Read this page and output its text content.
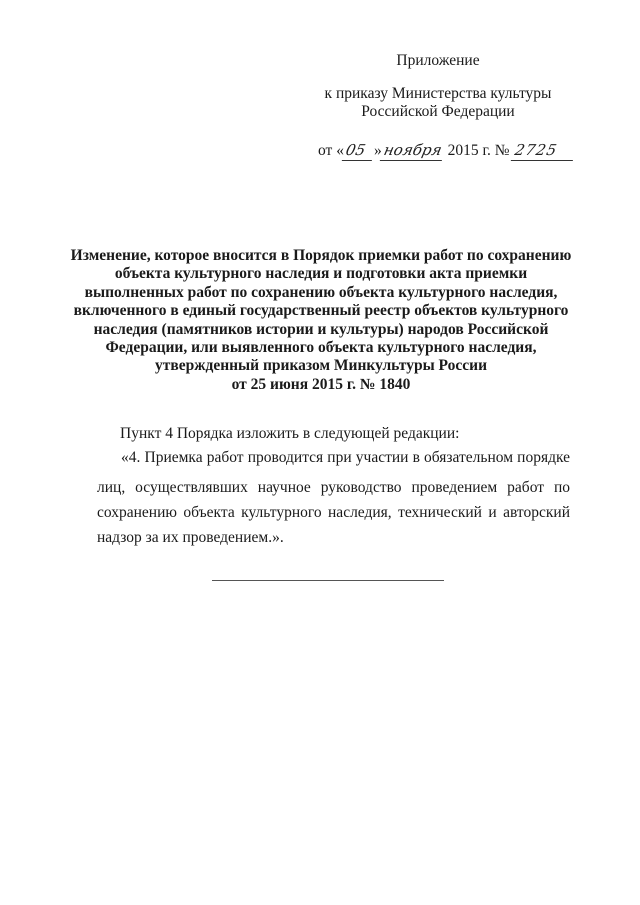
Приложение
к приказу Министерства культуры
Российской Федерации
от «05 »ноября 2015 г. № 2725
Изменение, которое вносится в Порядок приемки работ по сохранению
объекта культурного наследия и подготовки акта приемки
выполненных работ по сохранению объекта культурного наследия,
включенного в единый государственный реестр объектов культурного
наследия (памятников истории и культуры) народов Российской
Федерации, или выявленного объекта культурного наследия,
утвержденный приказом Минкультуры России
от 25 июня 2015 г. № 1840
Пункт 4 Порядка изложить в следующей редакции:
«4. Приемка работ проводится при участии в обязательном порядке
лиц, осуществлявших научное руководство проведением работ по
сохранению объекта культурного наследия, технический и авторский
надзор за их проведением.».
